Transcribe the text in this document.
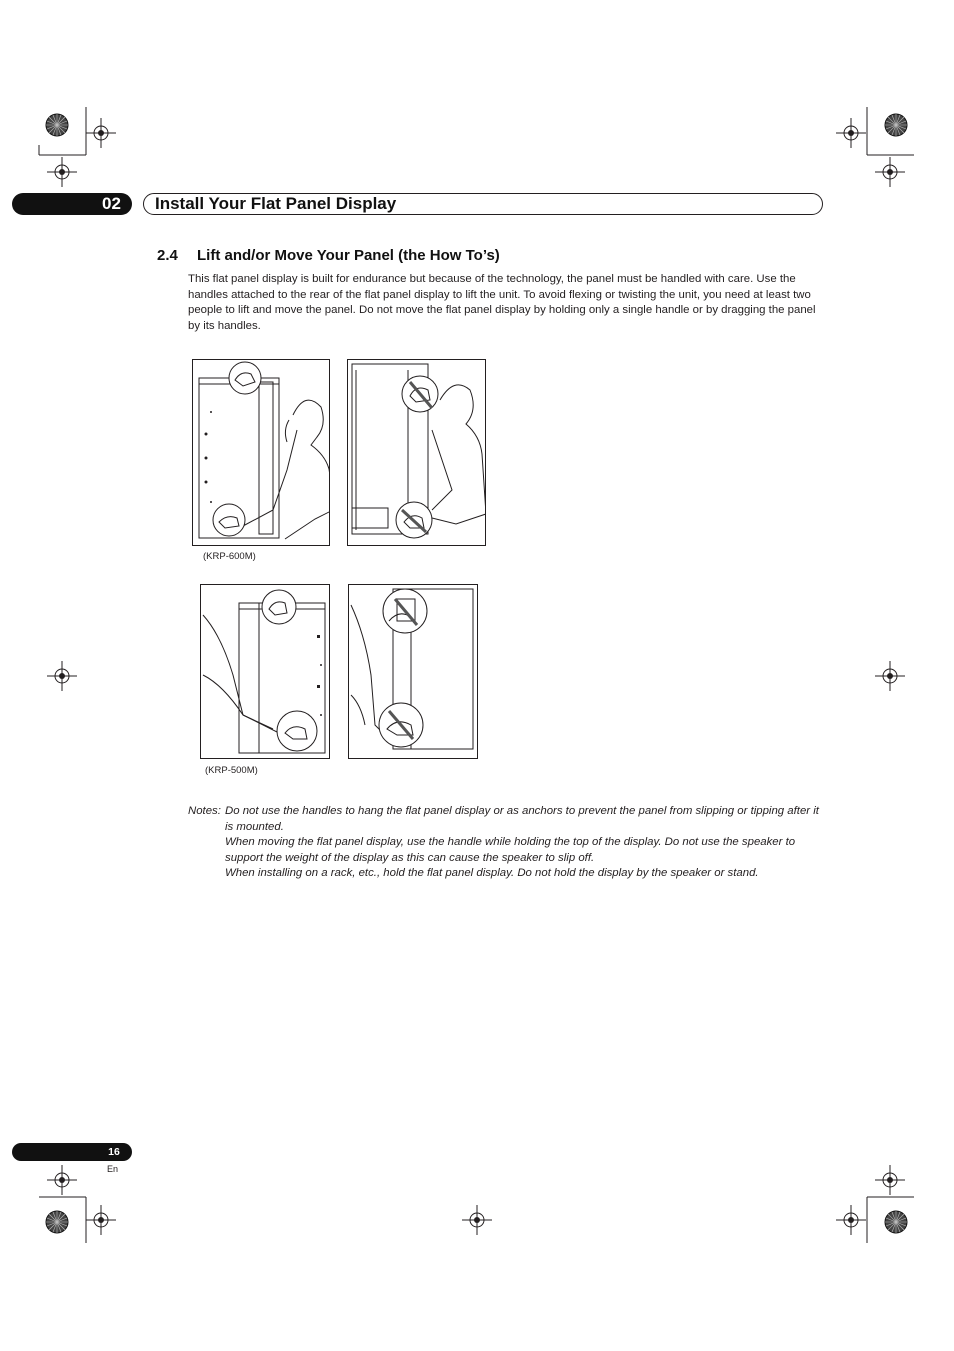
02	Install Your Flat Panel Display
2.4 Lift and/or Move Your Panel (the How To’s)
This flat panel display is built for endurance but because of the technology, the panel must be handled with care. Use the handles attached to the rear of the flat panel display to lift the unit. To avoid flexing or twisting the unit, you need at least two people to lift and move the panel. Do not move the flat panel display by holding only a single handle or by dragging the panel by its handles.
(KRP-600M)
(KRP-500M)
Notes: Do not use the handles to hang the flat panel display or as anchors to prevent the panel from slipping or tipping after it is mounted.

When moving the flat panel display, use the handle while holding the top of the display. Do not use the speaker to support the weight of the display as this can cause the speaker to slip off.

When installing on a rack, etc., hold the flat panel display. Do not hold the display by the speaker or stand.

16
En
